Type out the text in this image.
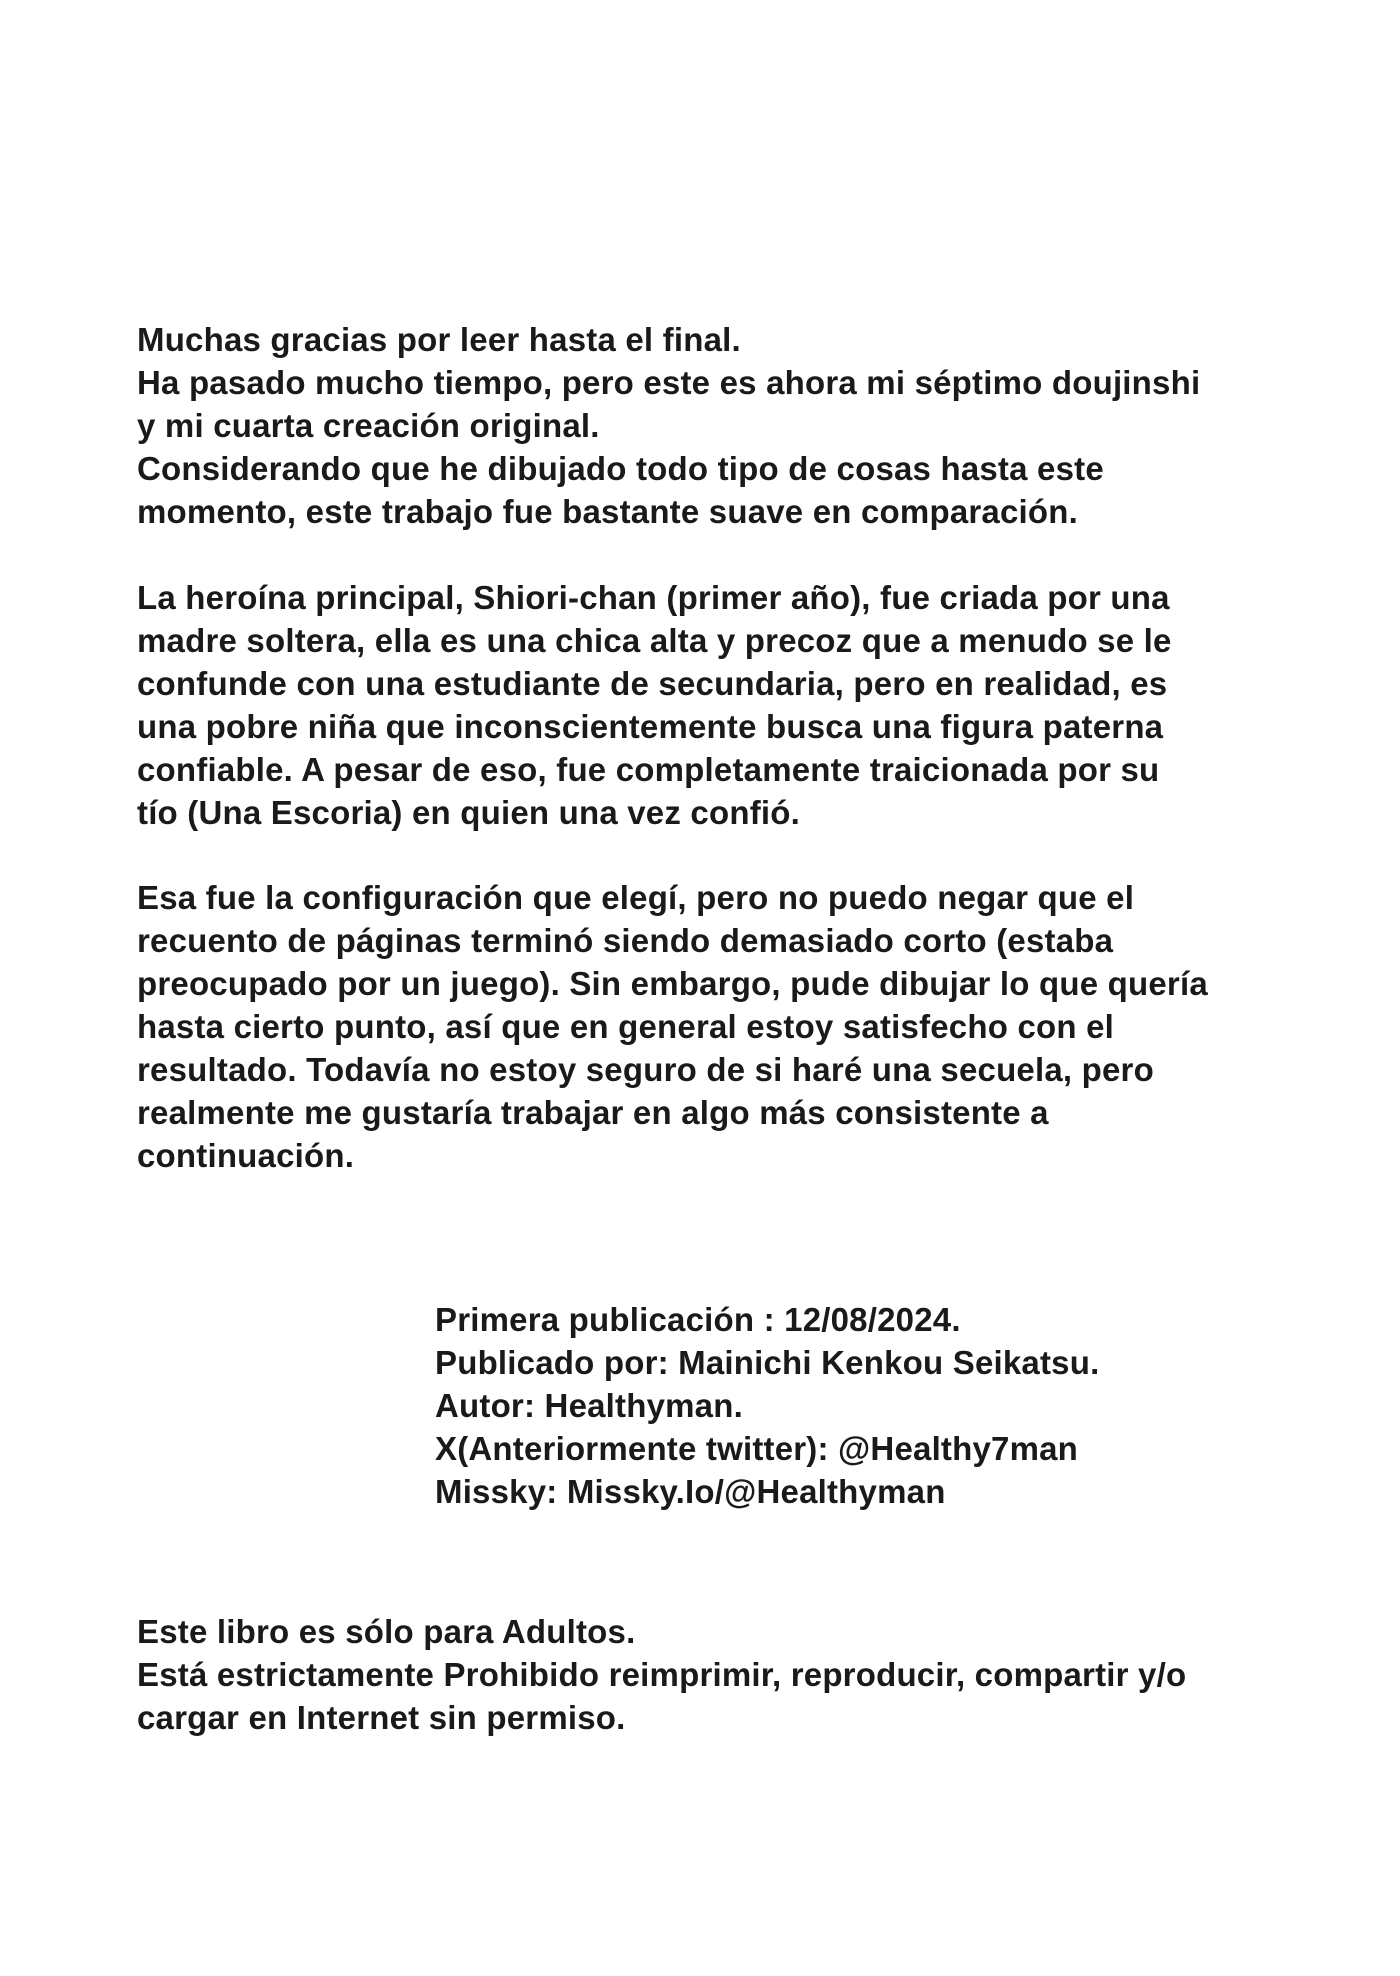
Muchas gracias por leer hasta el final.
Ha pasado mucho tiempo, pero este es ahora mi séptimo doujinshi
y mi cuarta creación original.
Considerando que he dibujado todo tipo de cosas hasta este
momento, este trabajo fue bastante suave en comparación.
La heroína principal, Shiori-chan (primer año), fue criada por una
madre soltera, ella es una chica alta y precoz que a menudo se le
confunde con una estudiante de secundaria, pero en realidad, es
una pobre niña que inconscientemente busca una figura paterna
confiable. A pesar de eso, fue completamente traicionada por su
tío (Una Escoria) en quien una vez confió.
Esa fue la configuración que elegí, pero no puedo negar que el
recuento de páginas terminó siendo demasiado corto (estaba
preocupado por un juego). Sin embargo, pude dibujar lo que quería
hasta cierto punto, así que en general estoy satisfecho con el
resultado. Todavía no estoy seguro de si haré una secuela, pero
realmente me gustaría trabajar en algo más consistente a
continuación.
Primera publicación : 12/08/2024.
Publicado por: Mainichi Kenkou Seikatsu.
Autor: Healthyman.
X(Anteriormente twitter): @Healthy7man
Missky: Missky.Io/@Healthyman
Este libro es sólo para Adultos.
Está estrictamente Prohibido reimprimir, reproducir, compartir y/o
cargar en Internet sin permiso.
